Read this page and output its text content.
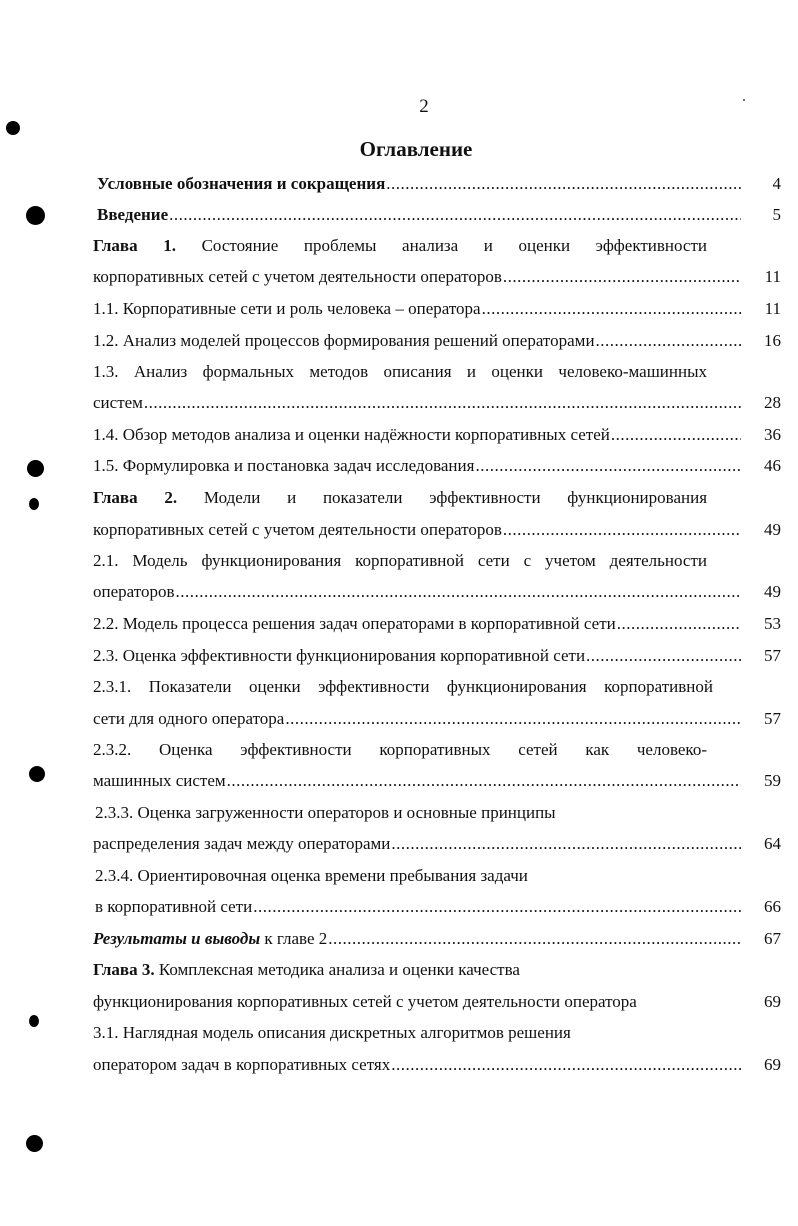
2
Оглавление
Условные обозначения и сокращения .....	4
Введение .....	5
Глава 1. Состояние проблемы анализа и оценки эффективности
корпоративных сетей с учетом деятельности операторов .....	11
1.1. Корпоративные сети и роль человека – оператора .....	11
1.2. Анализ моделей процессов формирования решений операторами .....	16
1.3. Анализ формальных методов описания и оценки человеко-машинных
систем .....	28
1.4. Обзор методов анализа и оценки надёжности корпоративных сетей .....	36
1.5. Формулировка и постановка задач исследования .....	46
Глава 2. Модели и показатели эффективности функционирования
корпоративных сетей с учетом деятельности операторов .....	49
2.1. Модель функционирования корпоративной сети с учетом деятельности
операторов .....	49
2.2. Модель процесса решения задач операторами в корпоративной сети .....	53
2.3. Оценка эффективности функционирования корпоративной сети .....	57
2.3.1. Показатели оценки эффективности функционирования корпоративной
сети для одного оператора .....	57
2.3.2. Оценка эффективности корпоративных сетей как человеко-
машинных систем .....	59
2.3.3. Оценка загруженности операторов и основные принципы
распределения задач между операторами .....	64
2.3.4. Ориентировочная оценка времени пребывания задачи
в корпоративной сети .....	66
Результаты и выводы к главе 2 .....	67
Глава 3. Комплексная методика анализа и оценки качества
функционирования корпоративных сетей с учетом деятельности оператора	69
3.1. Наглядная модель описания дискретных алгоритмов решения
оператором задач в корпоративных сетях .....	69
